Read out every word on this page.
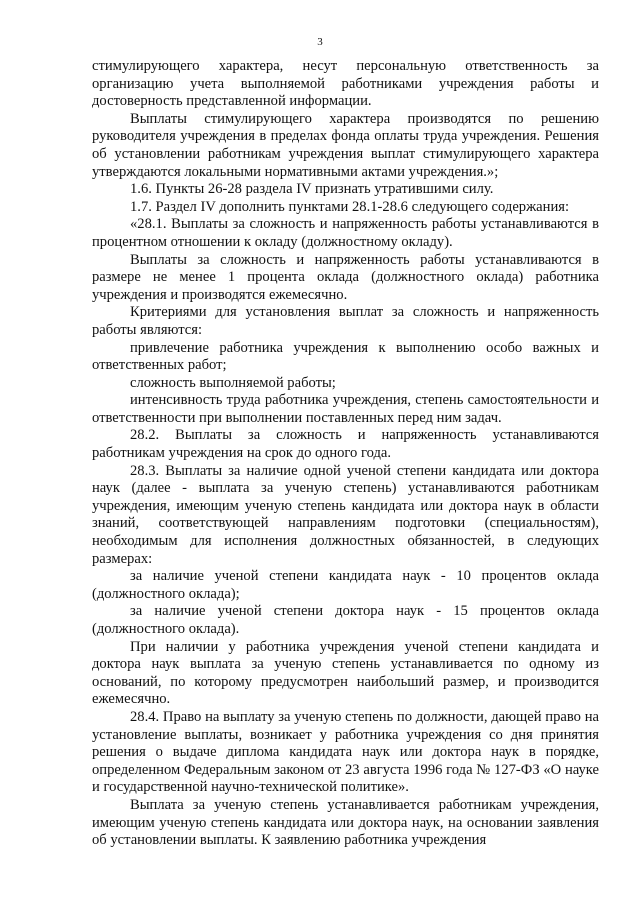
3

стимулирующего характера, несут персональную ответственность за организацию учета выполняемой работниками учреждения работы и достоверность представленной информации.

Выплаты стимулирующего характера производятся по решению руководителя учреждения в пределах фонда оплаты труда учреждения. Решения об установлении работникам учреждения выплат стимулирующего характера утверждаются локальными нормативными актами учреждения.»;

1.6. Пункты 26-28 раздела IV признать утратившими силу.

1.7. Раздел IV дополнить пунктами 28.1-28.6 следующего содержания:

«28.1. Выплаты за сложность и напряженность работы устанавливаются в процентном отношении к окладу (должностному окладу).

Выплаты за сложность и напряженность работы устанавливаются в размере не менее 1 процента оклада (должностного оклада) работника учреждения и производятся ежемесячно.

Критериями для установления выплат за сложность и напряженность работы являются:

привлечение работника учреждения к выполнению особо важных и ответственных работ;

сложность выполняемой работы;

интенсивность труда работника учреждения, степень самостоятельности и ответственности при выполнении поставленных перед ним задач.

28.2. Выплаты за сложность и напряженность устанавливаются работникам учреждения на срок до одного года.

28.3. Выплаты за наличие одной ученой степени кандидата или доктора наук (далее - выплата за ученую степень) устанавливаются работникам учреждения, имеющим ученую степень кандидата или доктора наук в области знаний, соответствующей направлениям подготовки (специальностям), необходимым для исполнения должностных обязанностей, в следующих размерах:

за наличие ученой степени кандидата наук - 10 процентов оклада (должностного оклада);

за наличие ученой степени доктора наук - 15 процентов оклада (должностного оклада).

При наличии у работника учреждения ученой степени кандидата и доктора наук выплата за ученую степень устанавливается по одному из оснований, по которому предусмотрен наибольший размер, и производится ежемесячно.

28.4. Право на выплату за ученую степень по должности, дающей право на установление выплаты, возникает у работника учреждения со дня принятия решения о выдаче диплома кандидата наук или доктора наук в порядке, определенном Федеральным законом от 23 августа 1996 года № 127-ФЗ «О науке и государственной научно-технической политике».

Выплата за ученую степень устанавливается работникам учреждения, имеющим ученую степень кандидата или доктора наук, на основании заявления об установлении выплаты. К заявлению работника учреждения
